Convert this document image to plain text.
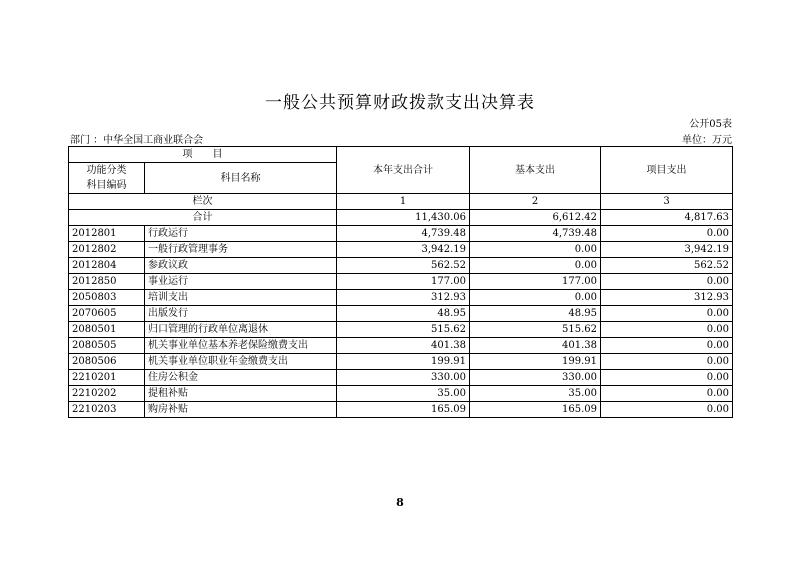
一般公共预算财政拨款支出决算表
公开05表
部门 ：中华全国工商业联合会	单位：万元
项　　目		本年支出合计	基本支出	项目支出
功能分类
科目编码	科目名称			
栏次		1	2	3
合计		11,430.06	6,612.42	4,817.63
2012801	行政运行	4,739.48	4,739.48	0.00
2012802	一般行政管理事务	3,942.19	0.00	3,942.19
2012804	参政议政	562.52	0.00	562.52
2012850	事业运行	177.00	177.00	0.00
2050803	培训支出	312.93	0.00	312.93
2070605	出版发行	48.95	48.95	0.00
2080501	归口管理的行政单位离退休	515.62	515.62	0.00
2080505	机关事业单位基本养老保险缴费支出	401.38	401.38	0.00
2080506	机关事业单位职业年金缴费支出	199.91	199.91	0.00
2210201	住房公积金	330.00	330.00	0.00
2210202	提租补贴	35.00	35.00	0.00
2210203	购房补贴	165.09	165.09	0.00
8
